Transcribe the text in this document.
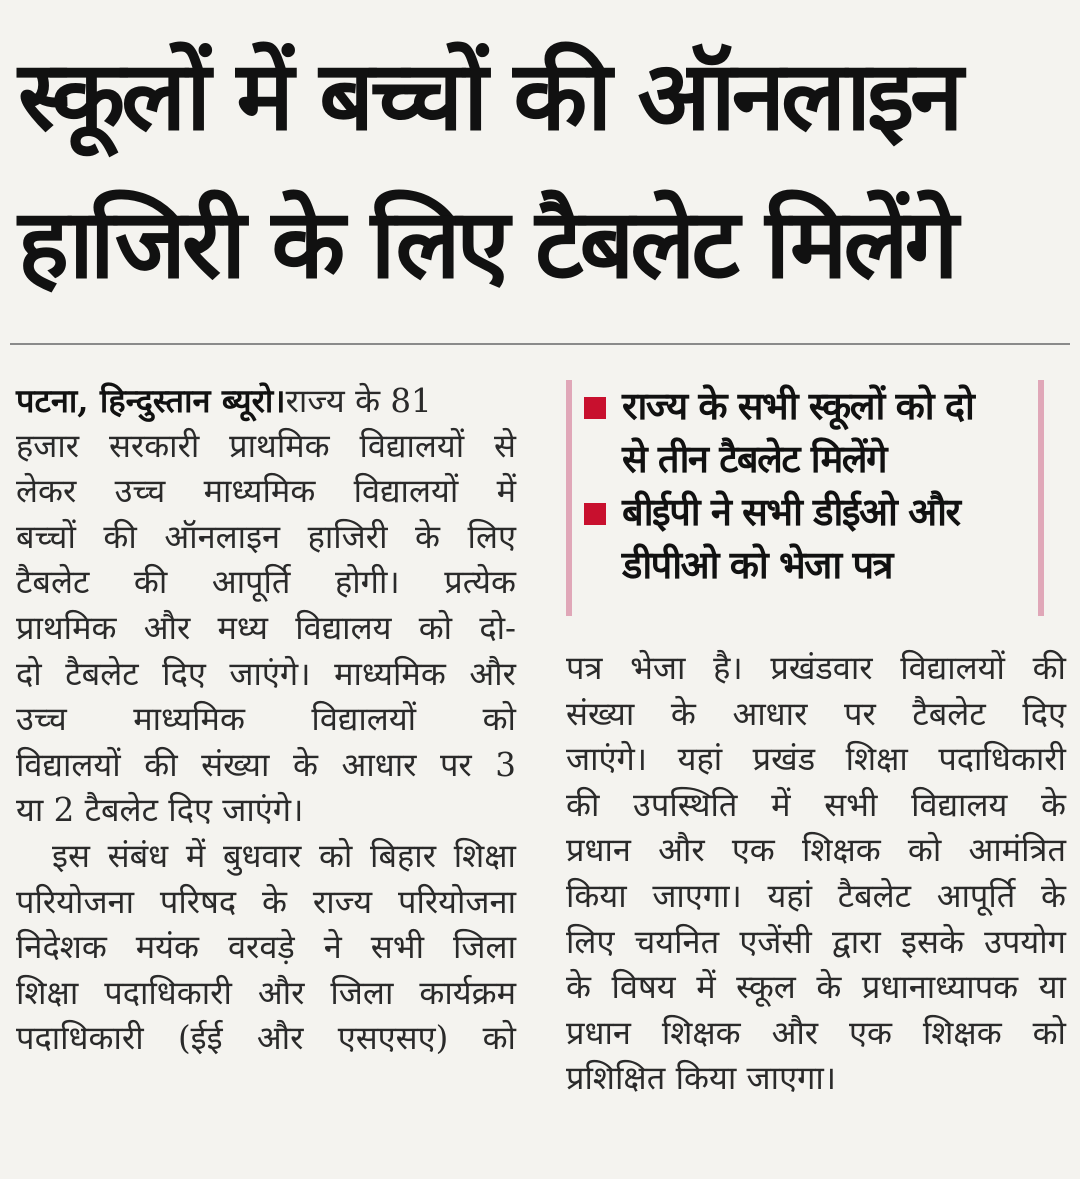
स्कूलों में बच्चों की ऑनलाइन
हाजिरी के लिए टैबलेट मिलेंगे
पटना, हिन्दुस्तान ब्यूरो।राज्य के 81
हजार सरकारी प्राथमिक विद्यालयों से
लेकर उच्च माध्यमिक विद्यालयों में
बच्चों की ऑनलाइन हाजिरी के लिए
टैबलेट की आपूर्ति होगी। प्रत्येक
प्राथमिक और मध्य विद्यालय को दो-
दो टैबलेट दिए जाएंगे। माध्यमिक और
उच्च माध्यमिक विद्यालयों को
विद्यालयों की संख्या के आधार पर 3
या 2 टैबलेट दिए जाएंगे।
इस संबंध में बुधवार को बिहार शिक्षा
परियोजना परिषद के राज्य परियोजना
निदेशक मयंक वरवड़े ने सभी जिला
शिक्षा पदाधिकारी और जिला कार्यक्रम
पदाधिकारी (ईई और एसएसए) को
राज्य के सभी स्कूलों को दो
से तीन टैबलेट मिलेंगे
बीईपी ने सभी डीईओ और
डीपीओ को भेजा पत्र
पत्र भेजा है। प्रखंडवार विद्यालयों की
संख्या के आधार पर टैबलेट दिए
जाएंगे। यहां प्रखंड शिक्षा पदाधिकारी
की उपस्थिति में सभी विद्यालय के
प्रधान और एक शिक्षक को आमंत्रित
किया जाएगा। यहां टैबलेट आपूर्ति के
लिए चयनित एजेंसी द्वारा इसके उपयोग
के विषय में स्कूल के प्रधानाध्यापक या
प्रधान शिक्षक और एक शिक्षक को
प्रशिक्षित किया जाएगा।
